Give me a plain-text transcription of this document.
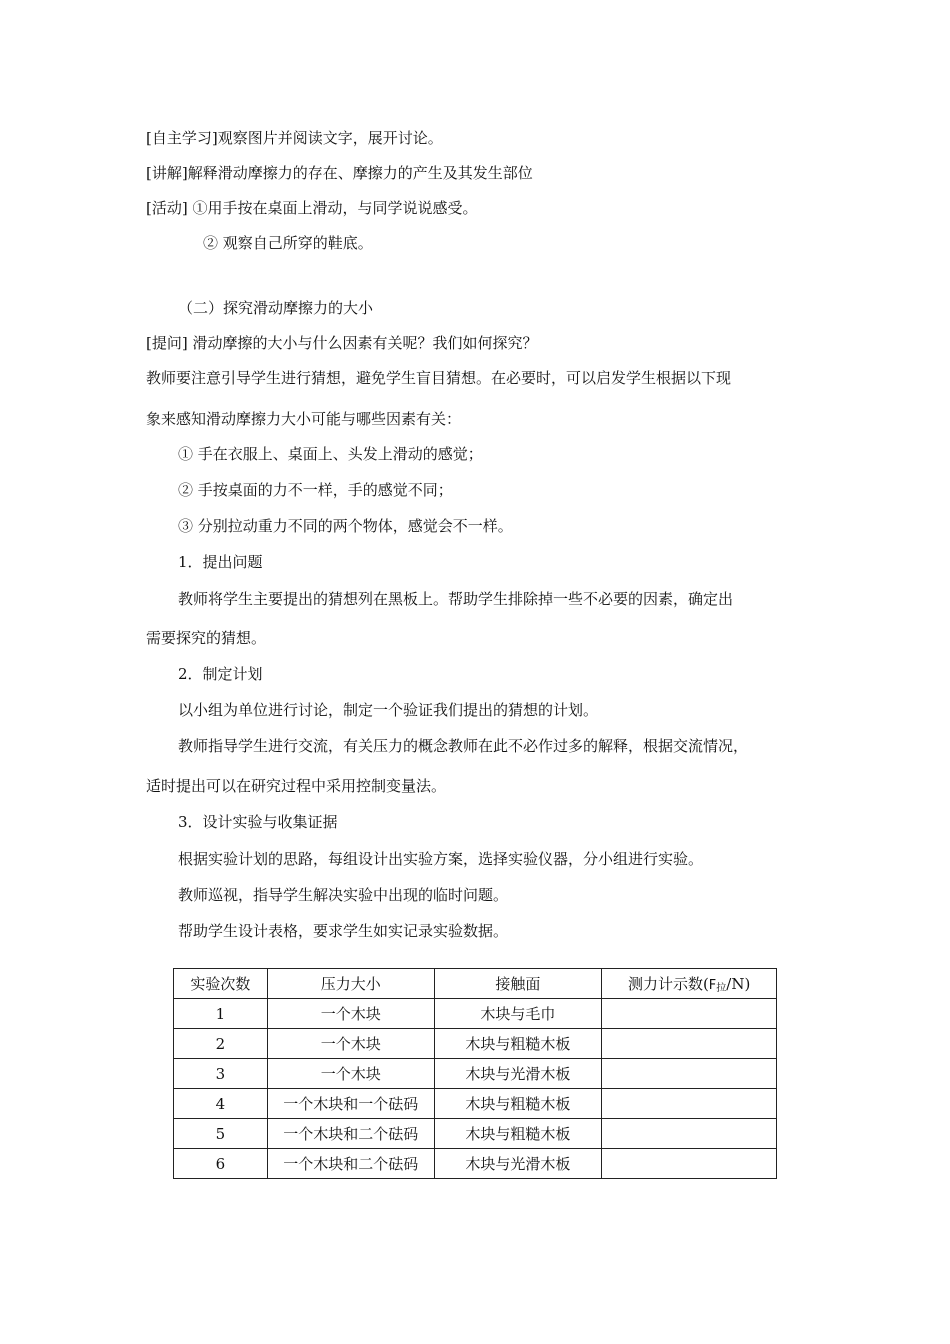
[自主学习]观察图片并阅读文字，展开讨论。
[讲解]解释滑动摩擦力的存在、摩擦力的产生及其发生部位
[活动] ①用手按在桌面上滑动，与同学说说感受。
② 观察自己所穿的鞋底。
（二）探究滑动摩擦力的大小
[提问] 滑动摩擦的大小与什么因素有关呢？我们如何探究？
教师要注意引导学生进行猜想，避免学生盲目猜想。在必要时，可以启发学生根据以下现
象来感知滑动摩擦力大小可能与哪些因素有关：
① 手在衣服上、桌面上、头发上滑动的感觉；
② 手按桌面的力不一样，手的感觉不同；
③ 分别拉动重力不同的两个物体，感觉会不一样。
1．提出问题
教师将学生主要提出的猜想列在黑板上。帮助学生排除掉一些不必要的因素，确定出
需要探究的猜想。
2．制定计划
以小组为单位进行讨论，制定一个验证我们提出的猜想的计划。
教师指导学生进行交流，有关压力的概念教师在此不必作过多的解释，根据交流情况，
适时提出可以在研究过程中采用控制变量法。
3．设计实验与收集证据
根据实验计划的思路，每组设计出实验方案，选择实验仪器，分小组进行实验。
教师巡视，指导学生解决实验中出现的临时问题。
帮助学生设计表格，要求学生如实记录实验数据。
实验次数	压力大小	接触面	测力计示数$(F_拉/N)$
1	一个木块	木块与毛巾	
2	一个木块	木块与粗糙木板	
3	一个木块	木块与光滑木板	
4	一个木块和一个砝码	木块与粗糙木板	
5	一个木块和二个砝码	木块与粗糙木板	
6	一个木块和二个砝码	木块与光滑木板	
